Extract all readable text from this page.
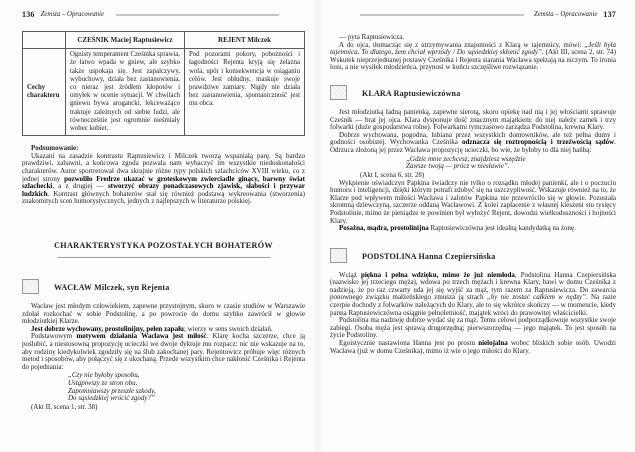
136 Zemsta – Opracowanie
	CZEŚNIK Maciej Raptusiewicz	REJENT Milczek
Cechy charakteru	Ognisty temperament Cześnika sprawia, że łatwo wpada w gniew, ale szybko także uspokaja się. Jest zapalczywy, wybuchowy, działa bez zastanowienia, co nieraz jest źródłem kłopotów i omyłek w ocenie sytuacji. W chwilach gniewu bywa arogancki, lekceważąco traktuje zależnych od siebie ludzi, ale równocześnie jest ogromnie nieśmiały wobec kobiet.	Pod pozorami pokory, pobożności i łagodności Rejenta kryją się żelazna wola, upór i konsekwencja w osiąganiu celów. Jest obłudny, maskuje swoje prawdziwe zamiary. Nigdy nie działa bez zastanowienia, spontaniczność jest mu obca.

Podsumowanie:

Ukazani na zasadzie kontrastu Raptusiewicz i Milczek tworzą wspaniałą parę. Są bardzo prawdziwi, zabawni, a końcowa zgoda pozwala nam wybaczyć im wszystkie niedoskonałości charakterów. Autor sportretował dwa skrajnie różne typy polskich szlachciców XVIII wieku, co z jednej strony pozwoliło Fredrze ukazać w groteskowym zwierciadle ginący, barwny świat szlachecki, a z drugiej — stworzyć obrazy ponadczasowych zjawisk, słabości i przywar ludzkich. Kontrast głównych bohaterów stał się również podstawą wykreowania (stworzenia) znakomitych scen humorystycznych, jednych z najlepszych w literaturze polskiej.

CHARAKTERYSTYKA POZOSTAŁYCH BOHATERÓW
WACŁAW Milczek, syn Rejenta

Wacław jest młodym człowiekiem, zapewne przystojnym, skoro w czasie studiów w Warszawie zdołał rozkochać w sobie Podstolinę, a po powrocie do domu szybko zawrócił w głowie młodziutkiej Klarze.

Jest dobrze wychowany, prostolinijny, pełen zapału; wierzy w sens swoich działań.

Podstawowym motywem działania Wacława jest miłość. Klarę kocha szczerze, chce ją poślubić, a niestosowną propozycję ucieczki we dwoje dyktuje mu rozpacz: nic nie wskazuje na to, aby rodziny kiedykolwiek zgodziły się na ślub zakochanej pary. Rejentowicz próbuje więc różnych metod i sposobów, aby połączyć się z ukochaną. Przede wszystkim chce nakłonić Cześnika i Rejenta do pojednania:

„Czy nie byłoby sposobu,
Ustąpiwszy ze stron obu,
Zapomniawszy przeszłe szkody,
Do sąsiedzkiej wrócić zgody?”

(Akt II, scena 1, str. 38)

Zemsta – Opracowanie 137

— pyta Raptusiewicza.

A do ojca, tłumacząc się z utrzymywania znajomości z Klarą w tajemnicy, mówi: „Jeśli była tajemnica, To dlatego, żem chciał wprzódy / Do sąsiedzkiej skłonić zgody”. (Akt III, scena 2, str. 74) Wskutek nieprzejednanej postawy Cześnika i Rejenta starania Wacława spełzają na niczym. To ironia losu, a nie wysiłek młodzieńca, przynosi w końcu szczęśliwe rozwiązanie.

KLARA Raptusiewiczówna

Jest młodziutką ładną panienką, zapewne sierotą, skoro opiekę nad nią i jej włościami sprawuje Cześnik — brat jej ojca. Klara dysponuje dość znacznym majątkiem: do niej należy zamek i trzy folwarki (duże gospodarstwa rolne). Folwarkami tymczasowo zarządza Podstolina, krewna Klary.

Dobrze wychowana, pogodna, lubiana przez wszystkich domowników, ale też pełna dumy i godności osobistej. Wychowanka Cześnika odznacza się roztropnością i trzeźwością sądów. Odrzuca złożoną jej przez Wacława propozycję ucieczki, bo wie, że byłoby to dla niej hańbą:

„Gdzie mnie zechcesz, znajdziesz wszędzie
Zawsze twoją — prócz w niesławie”.

(Akt I, scena 6, str. 28)

Wykpienie oświadczyn Papkina świadczy nie tylko o rozsądku młodej panienki, ale i o poczuciu humoru i inteligencji, dzięki którym potrafi zdobyć się na uszczypliwość. Wskazuje również na to, że Klarze pod wpływem miłości Wacława i zalotów Papkina nie przewróciło się w głowie. Pozostała skromną dziewczyną, szczerze oddaną Wacławowi. Z kolei zapłacenie z własnej kieszeni stu tysięcy Podstolinie, mimo że pieniądze te powinien był wyłożyć Rejent, dowodzi wielkoduszności i hojności Klary.

Posażna, mądra, prostolinijna Raptusiewiczówna jest idealną kandydatką na żonę.

PODSTOLINA Hanna Czepiersińska

Wciąż piękna i pełna wdzięku, mimo że już niemłoda, Podstolina Hanna Czepiersińska (nazwisko jej trzeciego męża), wdowa po trzech mężach i krewna Klary, bawi w domu Cześnika z nadzieją, że po raz czwarty uda jej się wyjść za mąż, tym razem za Raptusiewicza. Do zawarcia ponownego związku małżeńskiego zmusza ją strach „by nie zostać całkiem w nędzy”. Na razie czerpie dochody z folwarków należących do Klary, ale to się wkrótce skończy — w momencie, kiedy panna Raptusiewiczówna osiągnie pełnoletniość, majątek wróci do prawowitej właścicielki.

Podstolina ma nadzieję dobrze wydać się za mąż. Temu celowi podporządkowuje wszystkie swoje zabiegi. Osoba męża jest sprawą drugorzędną; pierwszorzędną — jego majątek. To jest sposób na życie Podstoliny.

Egoistycznie nastawiona Hanna jest po prostu nielojalna wobec bliskich sobie osób. Uwodzi Wacława (już w domu Cześnika), mimo iż wie o jego miłości do Klary.
